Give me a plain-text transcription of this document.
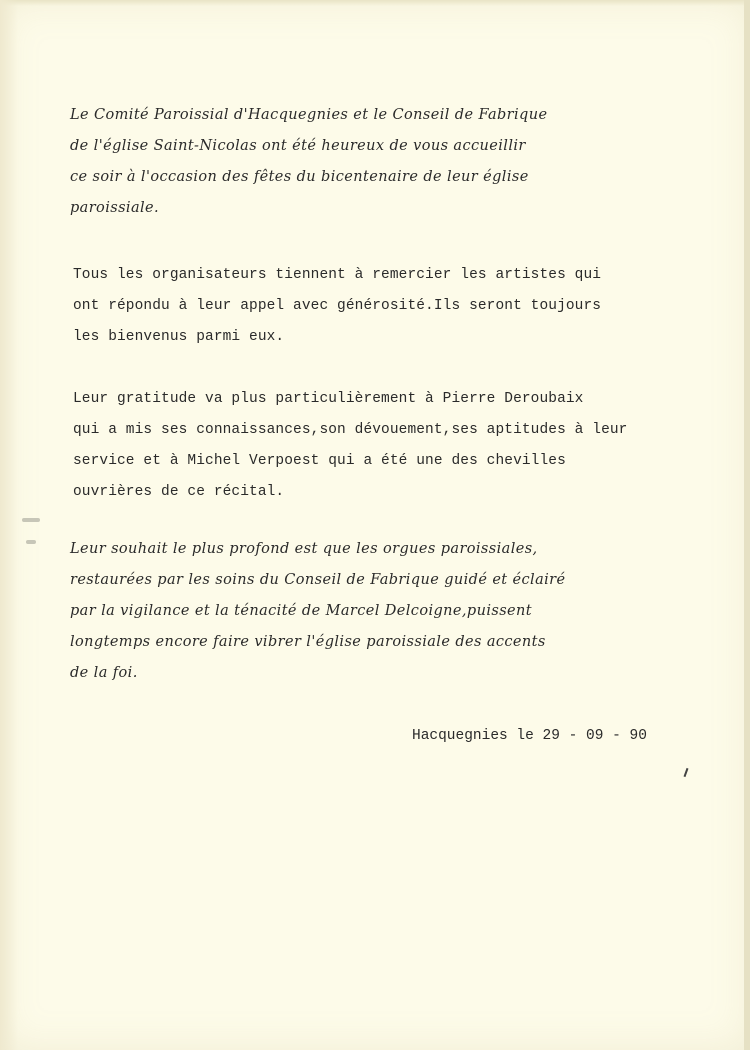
Le Comité Paroissial d'Hacquegnies et le Conseil de Fabrique
de l'église Saint-Nicolas ont été heureux de vous accueillir
ce soir à l'occasion des fêtes du bicentenaire de leur église
paroissiale.

Tous les organisateurs tiennent à remercier les artistes qui
ont répondu à leur appel avec générosité.Ils seront toujours
les bienvenus parmi eux.

Leur gratitude va plus particulièrement à Pierre Deroubaix
qui a mis ses connaissances,son dévouement,ses aptitudes à leur
service et à Michel Verpoest qui a été une des chevilles
ouvrières de ce récital.

Leur souhait le plus profond est que les orgues paroissiales,
restaurées par les soins du Conseil de Fabrique guidé et éclairé
par la vigilance et la ténacité de Marcel Delcoigne,puissent
longtemps encore faire vibrer l'église paroissiale des accents
de la foi.

Hacquegnies le 29 - 09 - 90
